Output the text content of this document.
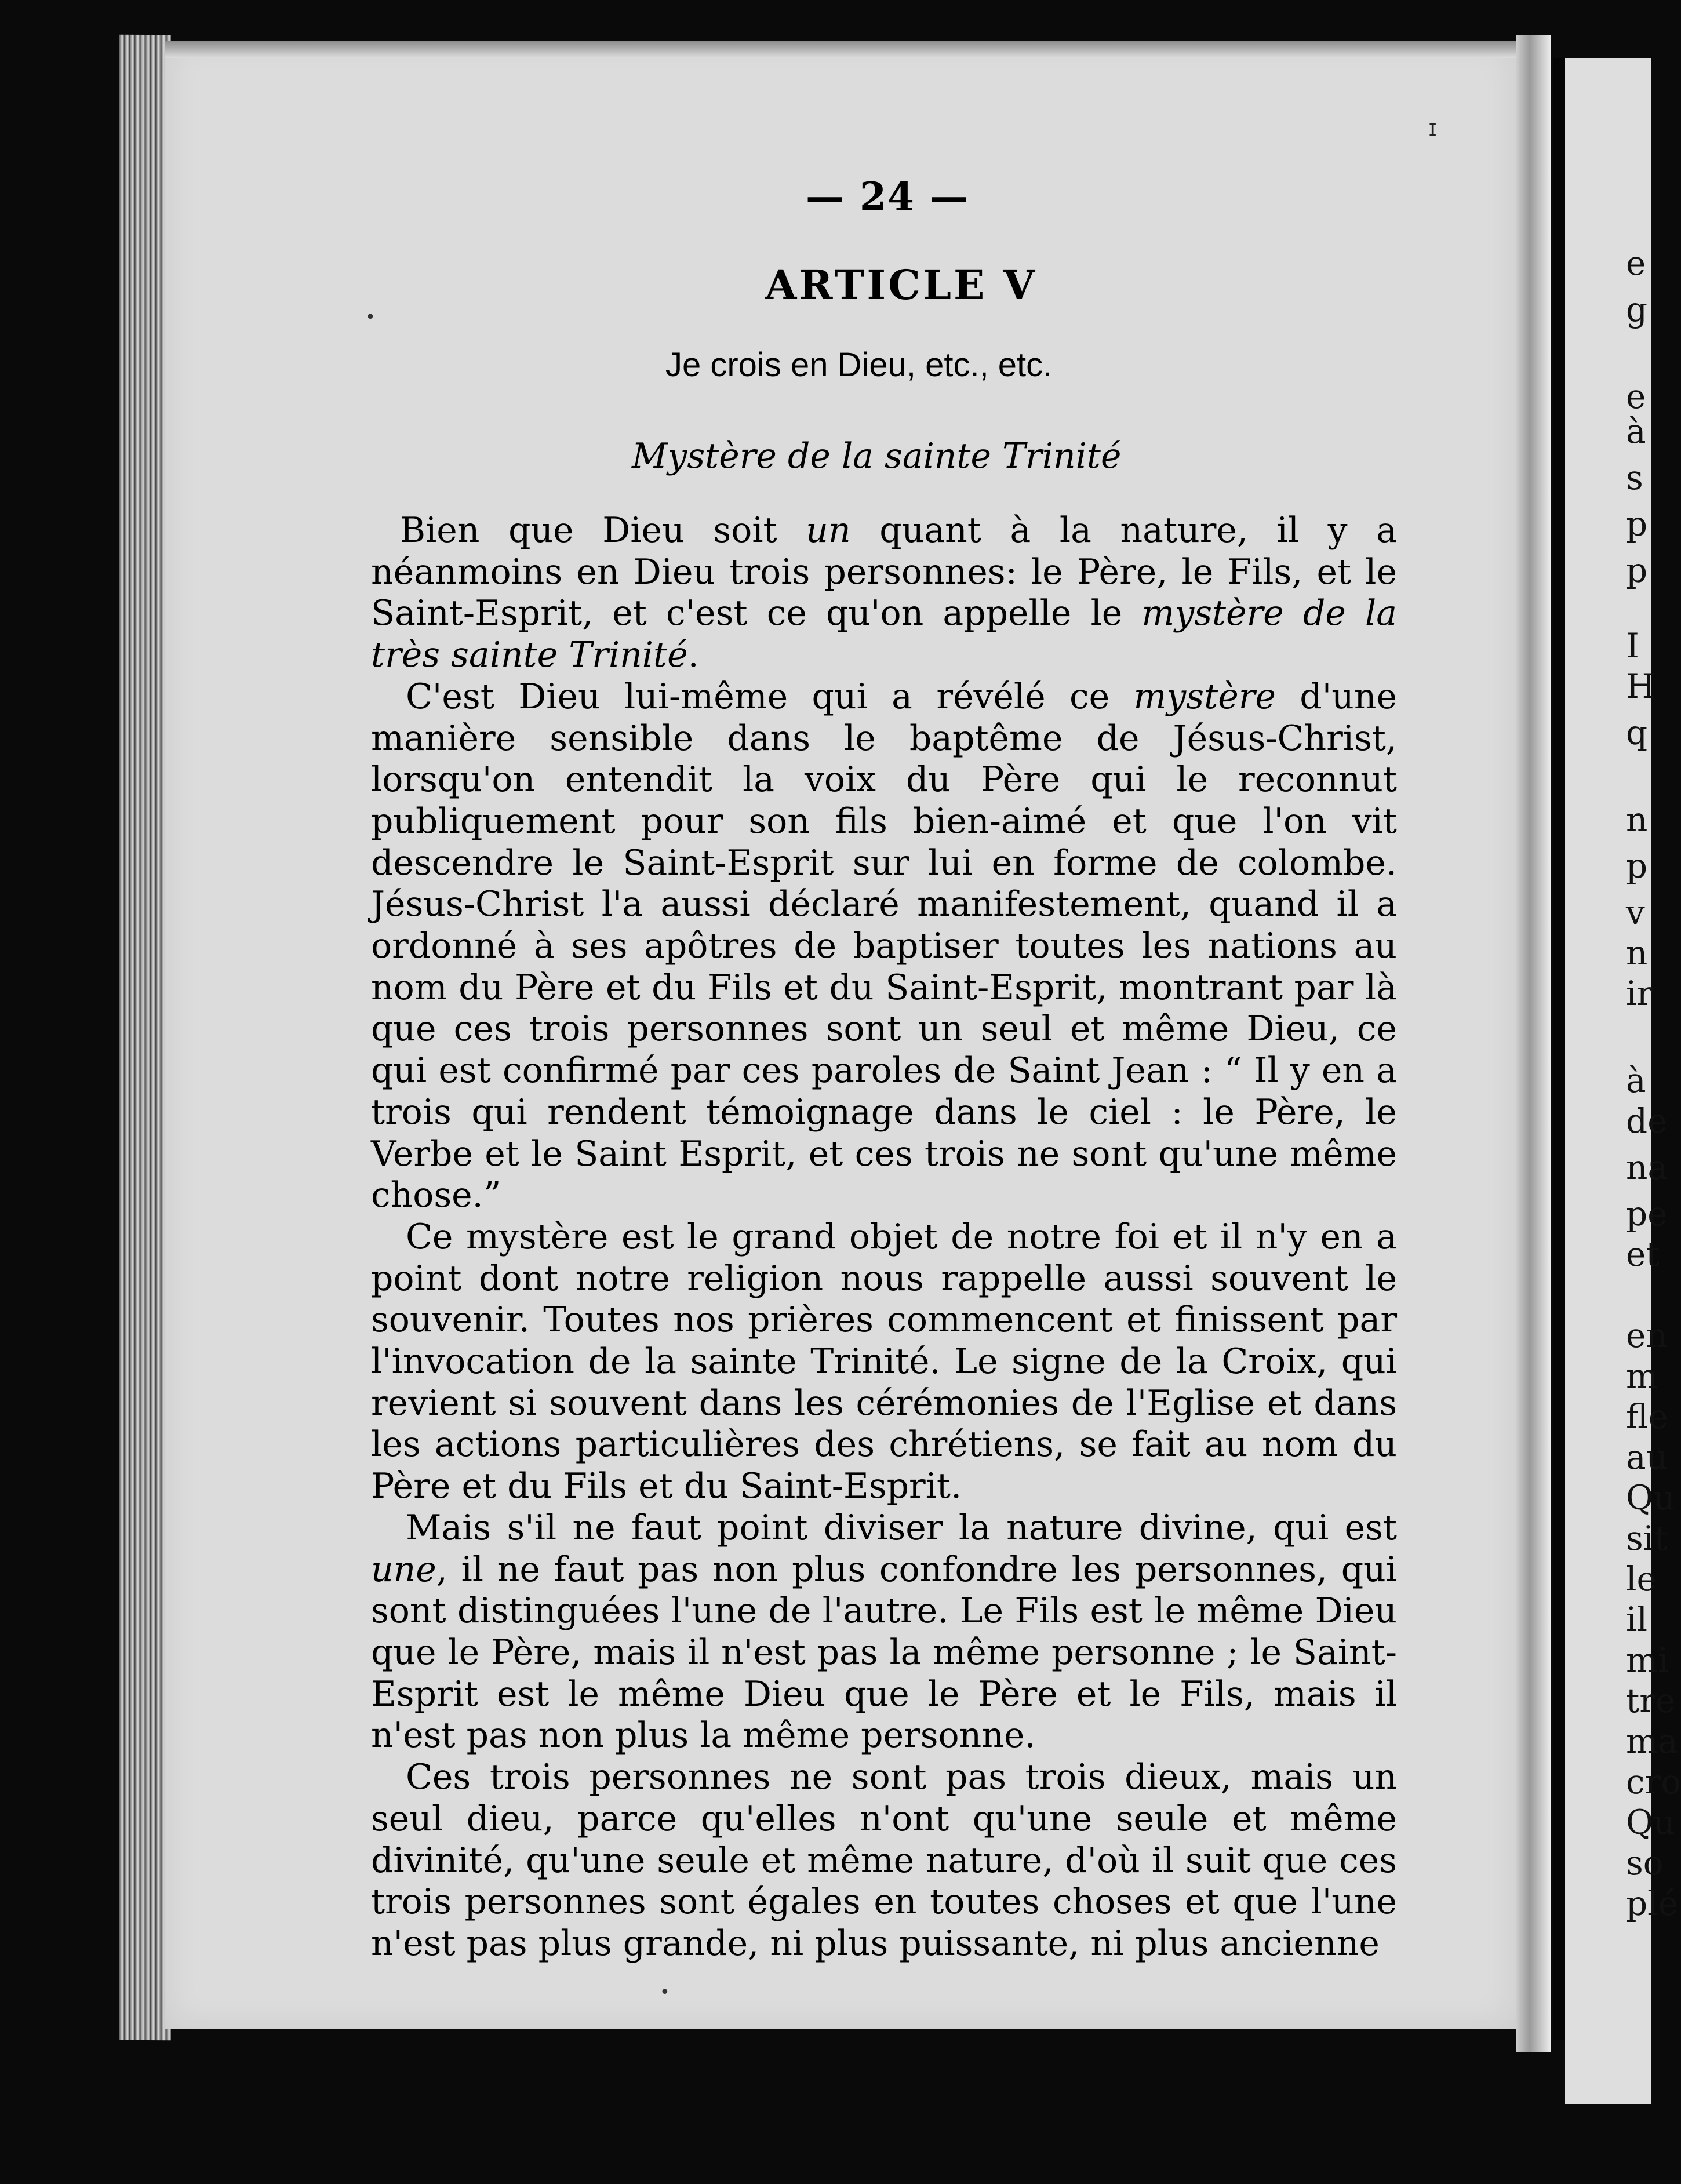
e
g
e
à
s
p
p
I
H
q
n
p
v
n
ir
à
de
na
pe
et
en
m
fle
au
Qu
sit
le
il
mi
tre
ma
cro
Qu
so
plé
ɪ
•
•
— 24 —
ARTICLE V
Je crois en Dieu, etc., etc.
Mystère de la sainte Trinité

Bien que Dieu soit un quant à la nature, il y a néanmoins en Dieu trois personnes: le Père, le Fils, et le Saint-Esprit, et c'est ce qu'on appelle le mystère de la très sainte Trinité.

C'est Dieu lui-même qui a révélé ce mystère d'une manière sensible dans le baptême de Jésus-Christ, lorsqu'on entendit la voix du Père qui le reconnut publiquement pour son fils bien-aimé et que l'on vit descendre le Saint-Esprit sur lui en forme de colombe. Jésus-Christ l'a aussi déclaré manifestement, quand il a ordonné à ses apôtres de baptiser toutes les nations au nom du Père et du Fils et du Saint-Esprit, montrant par là que ces trois personnes sont un seul et même Dieu, ce qui est confirmé par ces paroles de Saint Jean : “ Il y en a trois qui rendent témoignage dans le ciel : le Père, le Verbe et le Saint Esprit, et ces trois ne sont qu'une même chose.”

Ce mystère est le grand objet de notre foi et il n'y en a point dont notre religion nous rappelle aussi souvent le souvenir. Toutes nos prières commencent et finissent par l'invocation de la sainte Trinité. Le signe de la Croix, qui revient si souvent dans les cérémonies de l'Eglise et dans les actions particulières des chrétiens, se fait au nom du Père et du Fils et du Saint-Esprit.

Mais s'il ne faut point diviser la nature divine, qui est une, il ne faut pas non plus confondre les personnes, qui sont distinguées l'une de l'autre. Le Fils est le même Dieu que le Père, mais il n'est pas la même personne ; le Saint-Esprit est le même Dieu que le Père et le Fils, mais il n'est pas non plus la même personne.

Ces trois personnes ne sont pas trois dieux, mais un seul dieu, parce qu'elles n'ont qu'une seule et même divinité, qu'une seule et même nature, d'où il suit que ces trois personnes sont égales en toutes choses et que l'une n'est pas plus grande, ni plus puissante, ni plus ancienne
